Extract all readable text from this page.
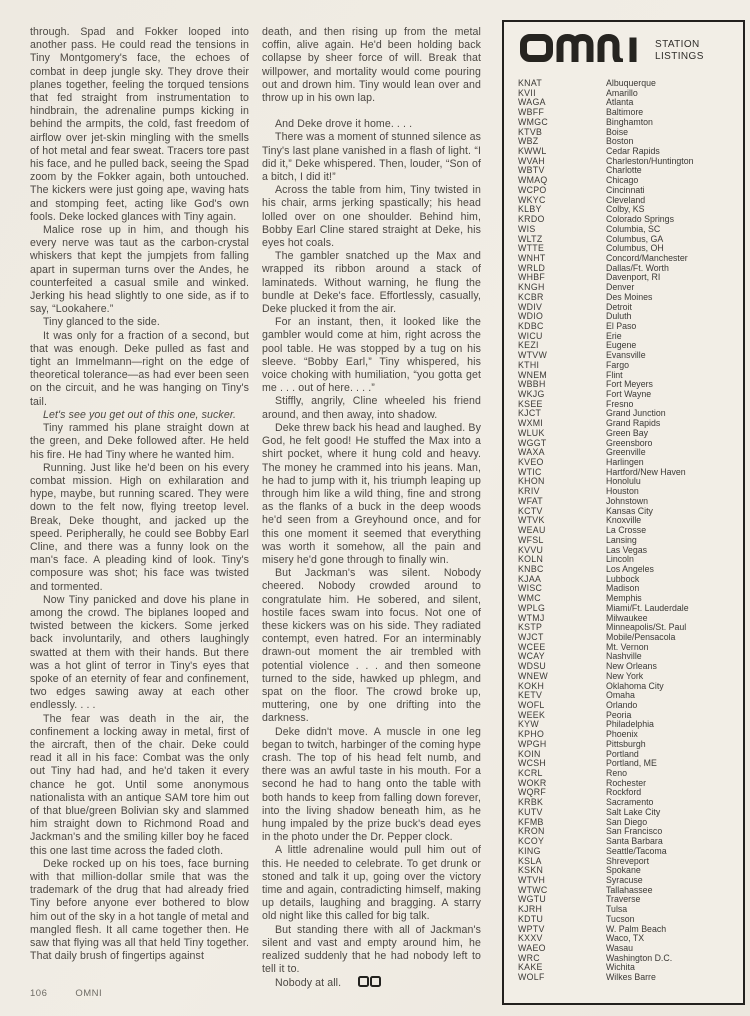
through. Spad and Fokker looped into another pass. He could read the tensions in Tiny Montgomery's face, the echoes of combat in deep jungle sky. They drove their planes together, feeling the torqued tensions that fed straight from instrumentation to hindbrain, the adrenaline pumps kicking in behind the armpits, the cold, fast freedom of airflow over jet-skin mingling with the smells of hot metal and fear sweat. Tracers tore past his face, and he pulled back, seeing the Spad zoom by the Fokker again, both untouched. The kickers were just going ape, waving hats and stomping feet, acting like God's own fools. Deke locked glances with Tiny again.

Malice rose up in him, and though his every nerve was taut as the carbon-crystal whiskers that kept the jumpjets from falling apart in superman turns over the Andes, he counterfeited a casual smile and winked. Jerking his head slightly to one side, as if to say, “Lookahere.”

Tiny glanced to the side.

It was only for a fraction of a second, but that was enough. Deke pulled as fast and tight an Immelmann—right on the edge of theoretical tolerance—as had ever been seen on the circuit, and he was hanging on Tiny's tail.

Let's see you get out of this one, sucker.

Tiny rammed his plane straight down at the green, and Deke followed after. He held his fire. He had Tiny where he wanted him.

Running. Just like he'd been on his every combat mission. High on exhilaration and hype, maybe, but running scared. They were down to the felt now, flying treetop level. Break, Deke thought, and jacked up the speed. Peripherally, he could see Bobby Earl Cline, and there was a funny look on the man's face. A pleading kind of look. Tiny's composure was shot; his face was twisted and tormented.

Now Tiny panicked and dove his plane in among the crowd. The biplanes looped and twisted between the kickers. Some jerked back involuntarily, and others laughingly swatted at them with their hands. But there was a hot glint of terror in Tiny's eyes that spoke of an eternity of fear and confinement, two edges sawing away at each other endlessly. . . .

The fear was death in the air, the confinement a locking away in metal, first of the aircraft, then of the chair. Deke could read it all in his face: Combat was the only out Tiny had had, and he'd taken it every chance he got. Until some anonymous nationalista with an antique SAM tore him out of that blue/green Bolivian sky and slammed him straight down to Richmond Road and Jackman's and the smiling killer boy he faced this one last time across the faded cloth.

Deke rocked up on his toes, face burning with that million-dollar smile that was the trademark of the drug that had already fried Tiny before anyone ever bothered to blow him out of the sky in a hot tangle of metal and mangled flesh. It all came together then. He saw that flying was all that held Tiny together. That daily brush of fingertips against

death, and then rising up from the metal coffin, alive again. He'd been holding back collapse by sheer force of will. Break that willpower, and mortality would come pouring out and drown him. Tiny would lean over and throw up in his own lap.

And Deke drove it home. . . .

There was a moment of stunned silence as Tiny's last plane vanished in a flash of light. “I did it,” Deke whispered. Then, louder, “Son of a bitch, I did it!”

Across the table from him, Tiny twisted in his chair, arms jerking spastically; his head lolled over on one shoulder. Behind him, Bobby Earl Cline stared straight at Deke, his eyes hot coals.

The gambler snatched up the Max and wrapped its ribbon around a stack of laminateds. Without warning, he flung the bundle at Deke's face. Effortlessly, casually, Deke plucked it from the air.

For an instant, then, it looked like the gambler would come at him, right across the pool table. He was stopped by a tug on his sleeve. “Bobby Earl,” Tiny whispered, his voice choking with humiliation, “you gotta get me . . . out of here. . . .”

Stiffly, angrily, Cline wheeled his friend around, and then away, into shadow.

Deke threw back his head and laughed. By God, he felt good! He stuffed the Max into a shirt pocket, where it hung cold and heavy. The money he crammed into his jeans. Man, he had to jump with it, his triumph leaping up through him like a wild thing, fine and strong as the flanks of a buck in the deep woods he'd seen from a Greyhound once, and for this one moment it seemed that everything was worth it somehow, all the pain and misery he'd gone through to finally win.

But Jackman's was silent. Nobody cheered. Nobody crowded around to congratulate him. He sobered, and silent, hostile faces swam into focus. Not one of these kickers was on his side. They radiated contempt, even hatred. For an interminably drawn-out moment the air trembled with potential violence . . . and then someone turned to the side, hawked up phlegm, and spat on the floor. The crowd broke up, muttering, one by one drifting into the darkness.

Deke didn't move. A muscle in one leg began to twitch, harbinger of the coming hype crash. The top of his head felt numb, and there was an awful taste in his mouth. For a second he had to hang onto the table with both hands to keep from falling down forever, into the living shadow beneath him, as he hung impaled by the prize buck's dead eyes in the photo under the Dr. Pepper clock.

A little adrenaline would pull him out of this. He needed to celebrate. To get drunk or stoned and talk it up, going over the victory time and again, contradicting himself, making up details, laughing and bragging. A starry old night like this called for big talk.

But standing there with all of Jackman's silent and vast and empty around him, he realized suddenly that he had nobody left to tell it to.

Nobody at all.

STATION
LISTINGS
KNAT	Albuquerque
KVII	Amarillo
WAGA	Atlanta
WBFF	Baltimore
WMGC	Binghamton
KTVB	Boise
WBZ	Boston
KWWL	Cedar Rapids
WVAH	Charleston/Huntington
WBTV	Charlotte
WMAQ	Chicago
WCPO	Cincinnati
WKYC	Cleveland
KLBY	Colby, KS
KRDO	Colorado Springs
WIS	Columbia, SC
WLTZ	Columbus, GA
WTTE	Columbus, OH
WNHT	Concord/Manchester
WRLD	Dallas/Ft. Worth
WHBF	Davenport, RI
KNGH	Denver
KCBR	Des Moines
WDIV	Detroit
WDIO	Duluth
KDBC	El Paso
WICU	Erie
KEZI	Eugene
WTVW	Evansville
KTHI	Fargo
WNEM	Flint
WBBH	Fort Meyers
WKJG	Fort Wayne
KSEE	Fresno
KJCT	Grand Junction
WXMI	Grand Rapids
WLUK	Green Bay
WGGT	Greensboro
WAXA	Greenville
KVEO	Harlingen
WTIC	Hartford/New Haven
KHON	Honolulu
KRIV	Houston
WFAT	Johnstown
KCTV	Kansas City
WTVK	Knoxville
WEAU	La Crosse
WFSL	Lansing
KVVU	Las Vegas
KOLN	Lincoln
KNBC	Los Angeles
KJAA	Lubbock
WISC	Madison
WMC	Memphis
WPLG	Miami/Ft. Lauderdale
WTMJ	Milwaukee
KSTP	Minneapolis/St. Paul
WJCT	Mobile/Pensacola
WCEE	Mt. Vernon
WCAY	Nashville
WDSU	New Orleans
WNEW	New York
KOKH	Oklahoma City
KETV	Omaha
WOFL	Orlando
WEEK	Peoria
KYW	Philadelphia
KPHO	Phoenix
WPGH	Pittsburgh
KOIN	Portland
WCSH	Portland, ME
KCRL	Reno
WOKR	Rochester
WQRF	Rockford
KRBK	Sacramento
KUTV	Salt Lake City
KFMB	San Diego
KRON	San Francisco
KCOY	Santa Barbara
KING	Seattle/Tacoma
KSLA	Shreveport
KSKN	Spokane
WTVH	Syracuse
WTWC	Tallahassee
WGTU	Traverse
KJRH	Tulsa
KDTU	Tucson
WPTV	W. Palm Beach
KXXV	Waco, TX
WAEO	Wasau
WRC	Washington D.C.
KAKE	Wichita
WOLF	Wilkes Barre
106	OMNI
